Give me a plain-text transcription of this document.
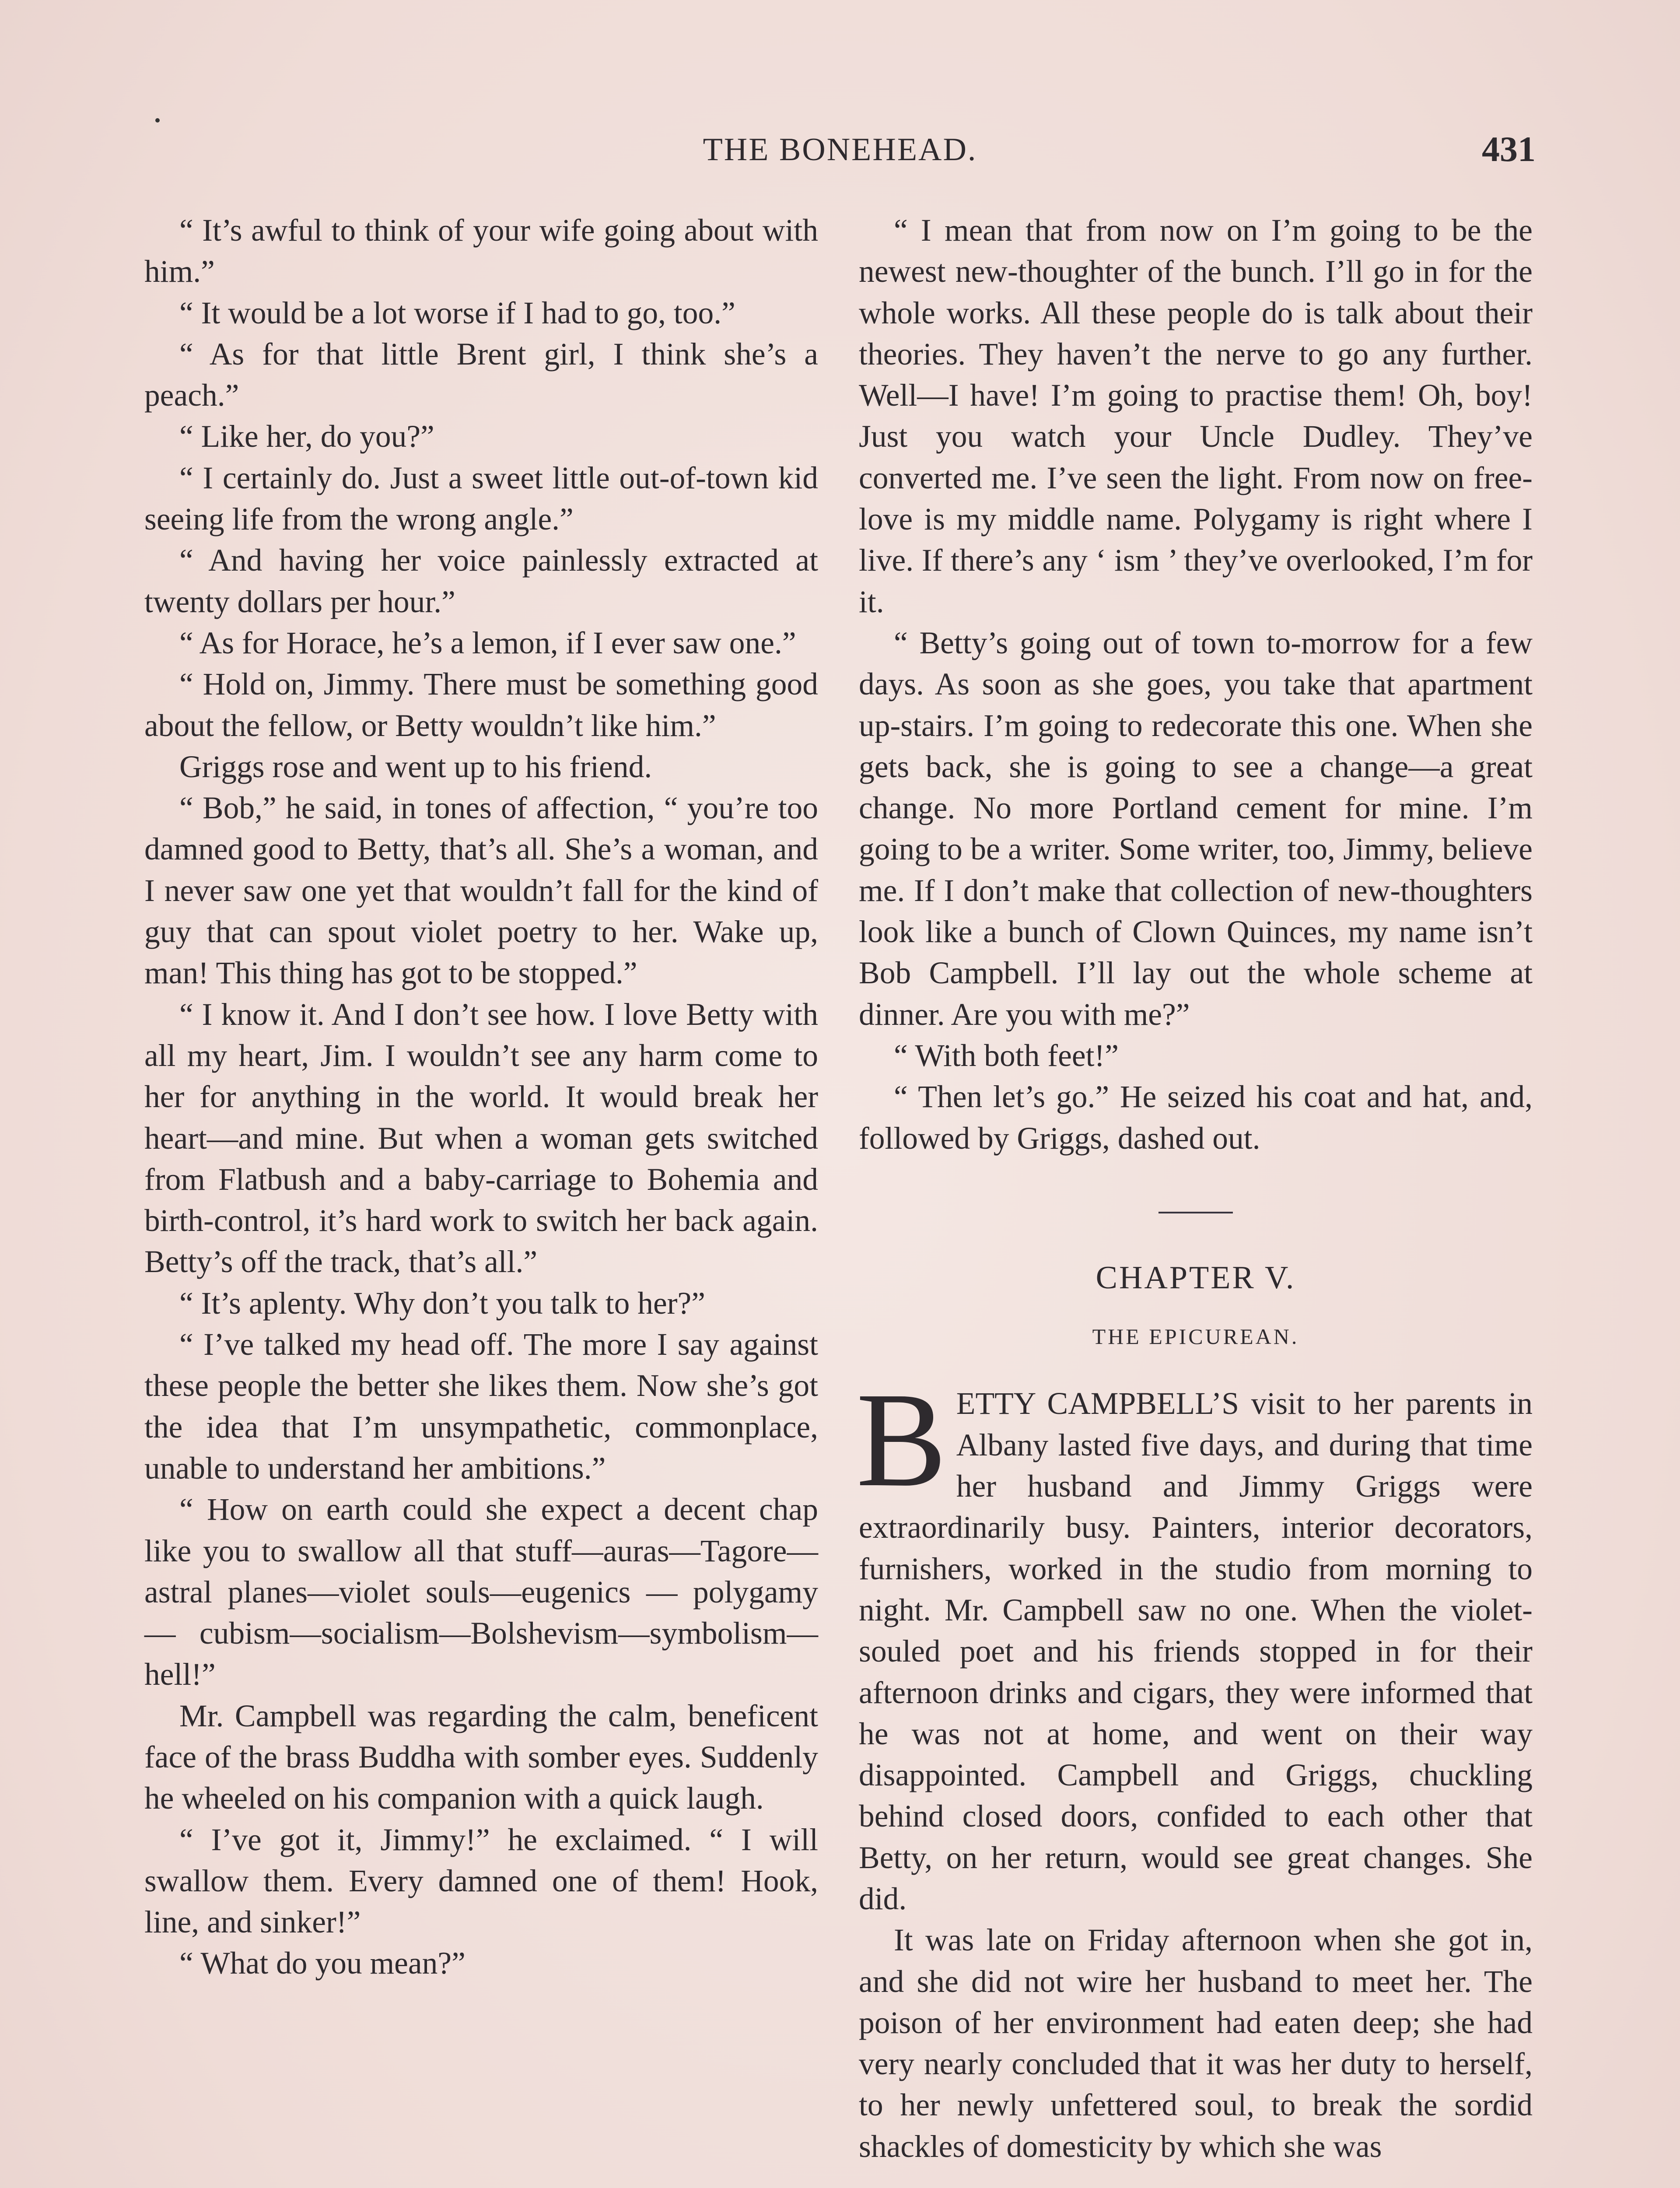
THE BONEHEAD.	431

“ It’s awful to think of your wife going about with him.”

“ It would be a lot worse if I had to go, too.”

“ As for that little Brent girl, I think she’s a peach.”

“ Like her, do you?”

“ I certainly do. Just a sweet little out-of-town kid seeing life from the wrong angle.”

“ And having her voice painlessly extracted at twenty dollars per hour.”

“ As for Horace, he’s a lemon, if I ever saw one.”

“ Hold on, Jimmy. There must be something good about the fellow, or Betty wouldn’t like him.”

Griggs rose and went up to his friend.

“ Bob,” he said, in tones of affection, “ you’re too damned good to Betty, that’s all. She’s a woman, and I never saw one yet that wouldn’t fall for the kind of guy that can spout violet poetry to her. Wake up, man! This thing has got to be stopped.”

“ I know it. And I don’t see how. I love Betty with all my heart, Jim. I wouldn’t see any harm come to her for anything in the world. It would break her heart—and mine. But when a woman gets switched from Flatbush and a baby-carriage to Bohemia and birth-control, it’s hard work to switch her back again. Betty’s off the track, that’s all.”

“ It’s aplenty. Why don’t you talk to her?”

“ I’ve talked my head off. The more I say against these people the better she likes them. Now she’s got the idea that I’m unsympathetic, commonplace, unable to understand her ambitions.”

“ How on earth could she expect a decent chap like you to swallow all that stuff—auras—Tagore—astral planes—violet souls—eugenics — polygamy — cubism—socialism—Bolshevism—symbolism—hell!”

Mr. Campbell was regarding the calm, beneficent face of the brass Buddha with somber eyes. Suddenly he wheeled on his companion with a quick laugh.

“ I’ve got it, Jimmy!” he exclaimed. “ I will swallow them. Every damned one of them! Hook, line, and sinker!”

“ What do you mean?”

“ I mean that from now on I’m going to be the newest new-thoughter of the bunch. I’ll go in for the whole works. All these people do is talk about their theories. They haven’t the nerve to go any further. Well—I have! I’m going to practise them! Oh, boy! Just you watch your Uncle Dudley. They’ve converted me. I’ve seen the light. From now on free-love is my middle name. Polygamy is right where I live. If there’s any ‘ ism ’ they’ve overlooked, I’m for it.

“ Betty’s going out of town to-morrow for a few days. As soon as she goes, you take that apartment up-stairs. I’m going to redecorate this one. When she gets back, she is going to see a change—a great change. No more Portland cement for mine. I’m going to be a writer. Some writer, too, Jimmy, believe me. If I don’t make that collection of new-thoughters look like a bunch of Clown Quinces, my name isn’t Bob Campbell. I’ll lay out the whole scheme at dinner. Are you with me?”

“ With both feet!”

“ Then let’s go.” He seized his coat and hat, and, followed by Griggs, dashed out.

CHAPTER V.
THE EPICUREAN.

BETTY CAMPBELL’S visit to her parents in Albany lasted five days, and during that time her husband and Jimmy Griggs were extraordinarily busy. Painters, interior decorators, furnishers, worked in the studio from morning to night. Mr. Campbell saw no one. When the violet-souled poet and his friends stopped in for their afternoon drinks and cigars, they were informed that he was not at home, and went on their way disappointed. Campbell and Griggs, chuckling behind closed doors, confided to each other that Betty, on her return, would see great changes. She did.

It was late on Friday afternoon when she got in, and she did not wire her husband to meet her. The poison of her environment had eaten deep; she had very nearly concluded that it was her duty to herself, to her newly unfettered soul, to break the sordid shackles of domesticity by which she was
